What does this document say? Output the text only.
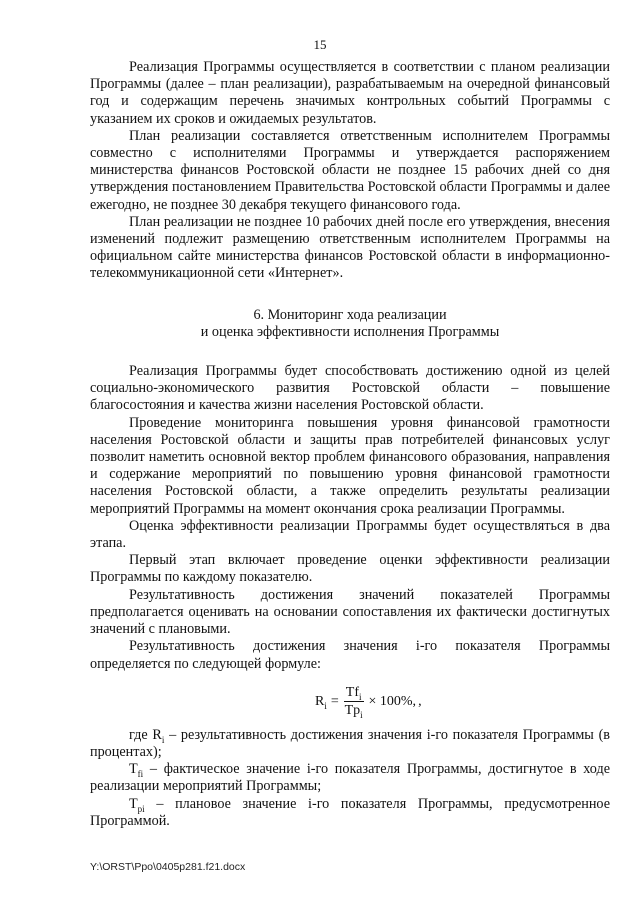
15

Реализация Программы осуществляется в соответствии с планом реализации Программы (далее – план реализации), разрабатываемым на очередной финансовый год и содержащим перечень значимых контрольных событий Программы с указанием их сроков и ожидаемых результатов.

План реализации составляется ответственным исполнителем Программы совместно с исполнителями Программы и утверждается распоряжением министерства финансов Ростовской области не позднее 15 рабочих дней со дня утверждения постановлением Правительства Ростовской области Программы и далее ежегодно, не позднее 30 декабря текущего финансового года.

План реализации не позднее 10 рабочих дней после его утверждения, внесения изменений подлежит размещению ответственным исполнителем Программы на официальном сайте министерства финансов Ростовской области в информационно-телекоммуникационной сети «Интернет».

6. Мониторинг хода реализации
и оценка эффективности исполнения Программы

Реализация Программы будет способствовать достижению одной из целей социально-экономического развития Ростовской области – повышение благосостояния и качества жизни населения Ростовской области.

Проведение мониторинга повышения уровня финансовой грамотности населения Ростовской области и защиты прав потребителей финансовых услуг позволит наметить основной вектор проблем финансового образования, направления и содержание мероприятий по повышению уровня финансовой грамотности населения Ростовской области, а также определить результаты реализации мероприятий Программы на момент окончания срока реализации Программы.

Оценка эффективности реализации Программы будет осуществляться в два этапа.

Первый этап включает проведение оценки эффективности реализации Программы по каждому показателю.

Результативность достижения значений показателей Программы предполагается оценивать на основании сопоставления их фактически достигнутых значений с плановыми.

Результативность достижения значения i-го показателя Программы определяется по следующей формуле:

$R_i = \frac{Tf_i}{Tp_i} \times 100\%$, ,

где $R_i$ – результативность достижения значения i-го показателя Программы (в процентах);

$T_{fi}$ – фактическое значение i-го показателя Программы, достигнутое в ходе реализации мероприятий Программы;

$T_{pi}$ – плановое значение i-го показателя Программы, предусмотренное Программой.

Y:\ORST\Ppo\0405p281.f21.docx
